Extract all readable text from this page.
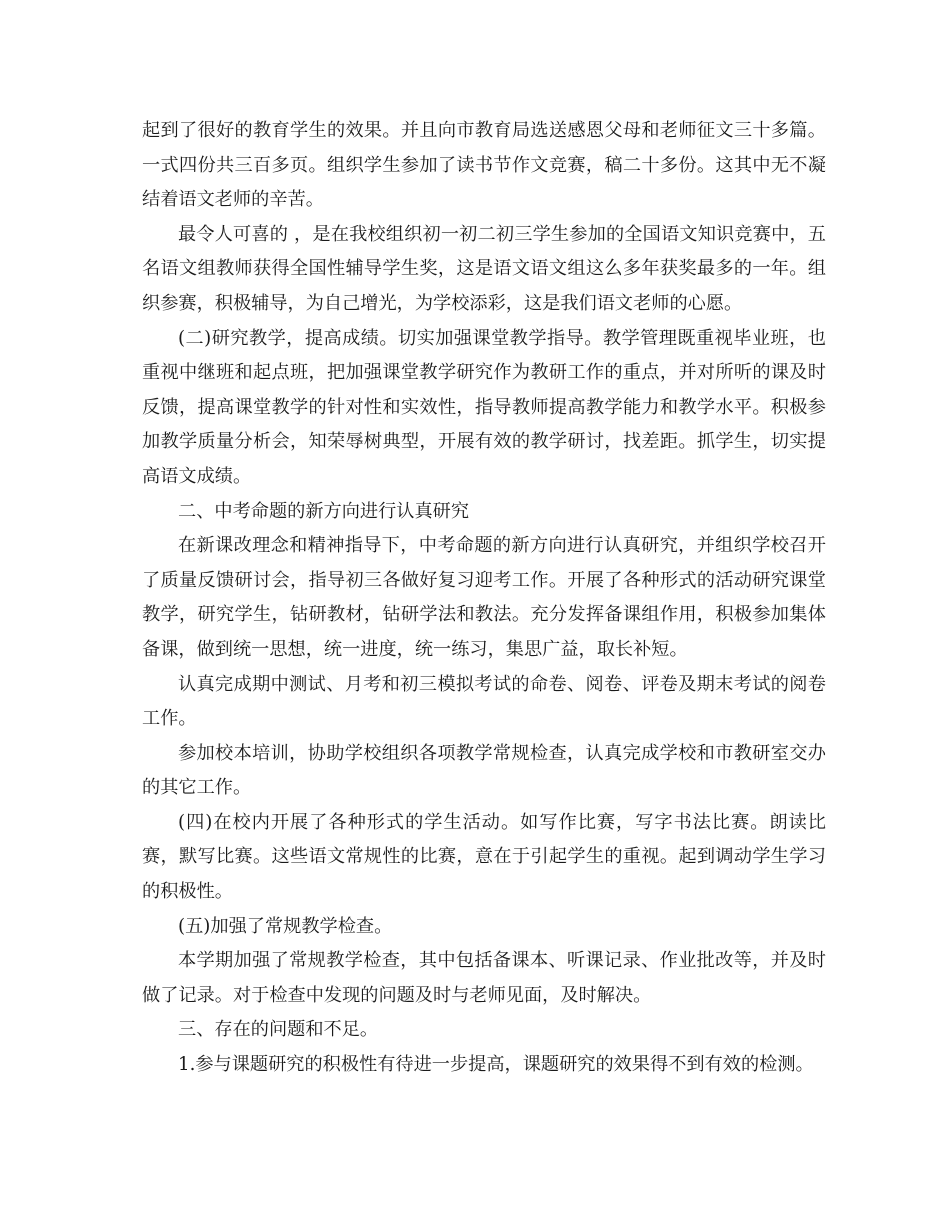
起到了很好的教育学生的效果。并且向市教育局选送感恩父母和老师征文三十多篇。一式四份共三百多页。组织学生参加了读书节作文竞赛，稿二十多份。这其中无不凝结着语文老师的辛苦。

最令人可喜的 ，是在我校组织初一初二初三学生参加的全国语文知识竞赛中，五名语文组教师获得全国性辅导学生奖，这是语文语文组这么多年获奖最多的一年。组织参赛，积极辅导，为自己增光，为学校添彩，这是我们语文老师的心愿。

(二)研究教学，提高成绩。切实加强课堂教学指导。教学管理既重视毕业班，也重视中继班和起点班，把加强课堂教学研究作为教研工作的重点，并对所听的课及时反馈，提高课堂教学的针对性和实效性，指导教师提高教学能力和教学水平。积极参加教学质量分析会，知荣辱树典型，开展有效的教学研讨，找差距。抓学生，切实提高语文成绩。

二、中考命题的新方向进行认真研究

在新课改理念和精神指导下，中考命题的新方向进行认真研究，并组织学校召开了质量反馈研讨会，指导初三各做好复习迎考工作。开展了各种形式的活动研究课堂教学，研究学生，钻研教材，钻研学法和教法。充分发挥备课组作用，积极参加集体备课，做到统一思想，统一进度，统一练习，集思广益，取长补短。

认真完成期中测试、月考和初三模拟考试的命卷、阅卷、评卷及期末考试的阅卷工作。

参加校本培训，协助学校组织各项教学常规检查，认真完成学校和市教研室交办的其它工作。

(四)在校内开展了各种形式的学生活动。如写作比赛，写字书法比赛。朗读比赛，默写比赛。这些语文常规性的比赛，意在于引起学生的重视。起到调动学生学习的积极性。

(五)加强了常规教学检查。

本学期加强了常规教学检查，其中包括备课本、听课记录、作业批改等，并及时做了记录。对于检查中发现的问题及时与老师见面，及时解决。

三、存在的问题和不足。

1.参与课题研究的积极性有待进一步提高，课题研究的效果得不到有效的检测。
